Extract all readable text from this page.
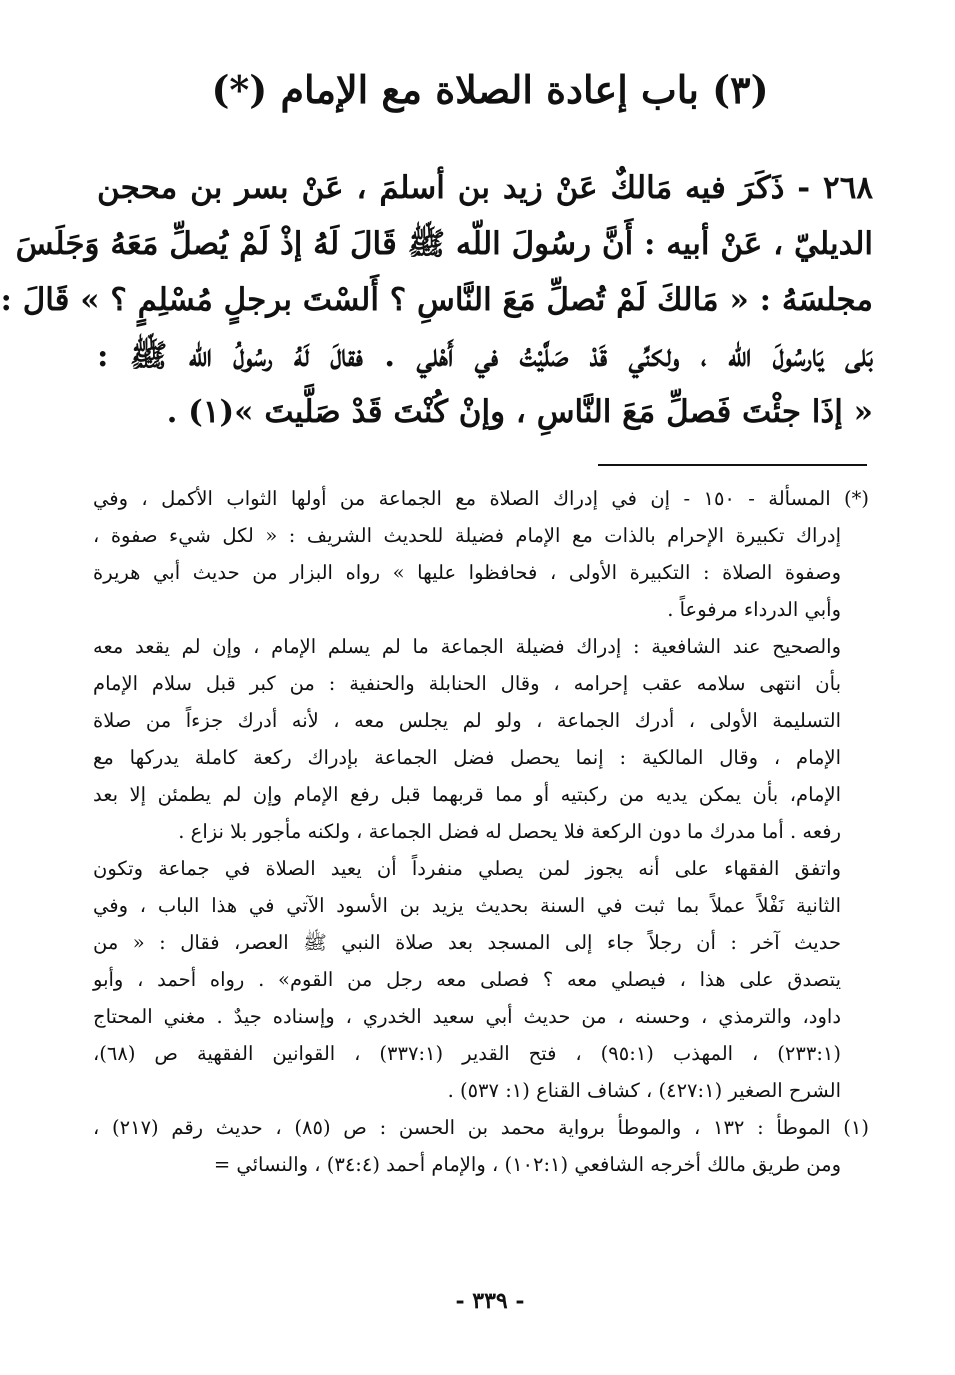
(٣) باب إعادة الصلاة مع الإمام (*)
٢٦٨ - ذَكَرَ فيه مَالكٌ عَنْ زيد بن أسلمَ ، عَنْ بسر بن محجن
الديليّ ، عَنْ أبيه : أَنَّ رسُولَ اللّه ﷺ قَالَ لَهُ إذْ لَمْ يُصلِّ مَعَهُ وَجَلَسَ
مجلسَهُ : « مَالكَ لَمْ تُصلِّ مَعَ النَّاسِ ؟ أَلسْتَ برجلٍ مُسْلِمٍ ؟ » قَالَ :
بَلى يَارسُولَ اللّه ، ولكنِّي قَدْ صَلَّيْتُ في أَهْلي . فقالَ لَهُ رسُولُ اللّه ﷺ :
« إذَا جئْتَ فَصلِّ مَعَ النَّاسِ ، وإنْ كُنْتَ قَدْ صَلَّيتَ »(١) .
(*) المسألة - ١٥٠ - إن في إدراك الصلاة مع الجماعة من أولها الثواب الأكمل ، وفي
إدراك تكبيرة الإحرام بالذات مع الإمام فضيلة للحديث الشريف : « لكل شيء صفوة ،
وصفوة الصلاة : التكبيرة الأولى ، فحافظوا عليها » رواه البزار من حديث أبي هريرة
وأبي الدرداء مرفوعاً .
والصحيح عند الشافعية : إدراك فضيلة الجماعة ما لم يسلم الإمام ، وإن لم يقعد معه
بأن انتهى سلامه عقب إحرامه ، وقال الحنابلة والحنفية : من كبر قبل سلام الإمام
التسليمة الأولى ، أدرك الجماعة ، ولو لم يجلس معه ، لأنه أدرك جزءاً من صلاة
الإمام ، وقال المالكية : إنما يحصل فضل الجماعة بإدراك ركعة كاملة يدركها مع
الإمام، بأن يمكن يديه من ركبتيه أو مما قربهما قبل رفع الإمام وإن لم يطمئن إلا بعد
رفعه . أما مدرك ما دون الركعة فلا يحصل له فضل الجماعة ، ولكنه مأجور بلا نزاع .
واتفق الفقهاء على أنه يجوز لمن يصلي منفرداً أن يعيد الصلاة في جماعة وتكون
الثانية نَفْلاً عملاً بما ثبت في السنة بحديث يزيد بن الأسود الآتي في هذا الباب ، وفي
حديث آخر : أن رجلاً جاء إلى المسجد بعد صلاة النبي ﷺ العصر، فقال : « من
يتصدق على هذا ، فيصلي معه ؟ فصلى معه رجل من القوم» . رواه أحمد ، وأبو
داود، والترمذي ، وحسنه ، من حديث أبي سعيد الخدري ، وإسناده جيدٌ . مغني المحتاج
(٢٣٣:١) ، المهذب (٩٥:١) ، فتح القدير (٣٣٧:١) ، القوانين الفقهية ص (٦٨)،
الشرح الصغير (٤٢٧:١) ، كشاف القناع (١: ٥٣٧) .
(١) الموطأ : ١٣٢ ، والموطأ برواية محمد بن الحسن : ص (٨٥) ، حديث رقم (٢١٧) ،
ومن طريق مالك أخرجه الشافعي (١٠٢:١) ، والإمام أحمد (٣٤:٤) ، والنسائي =
- ٣٣٩ -
